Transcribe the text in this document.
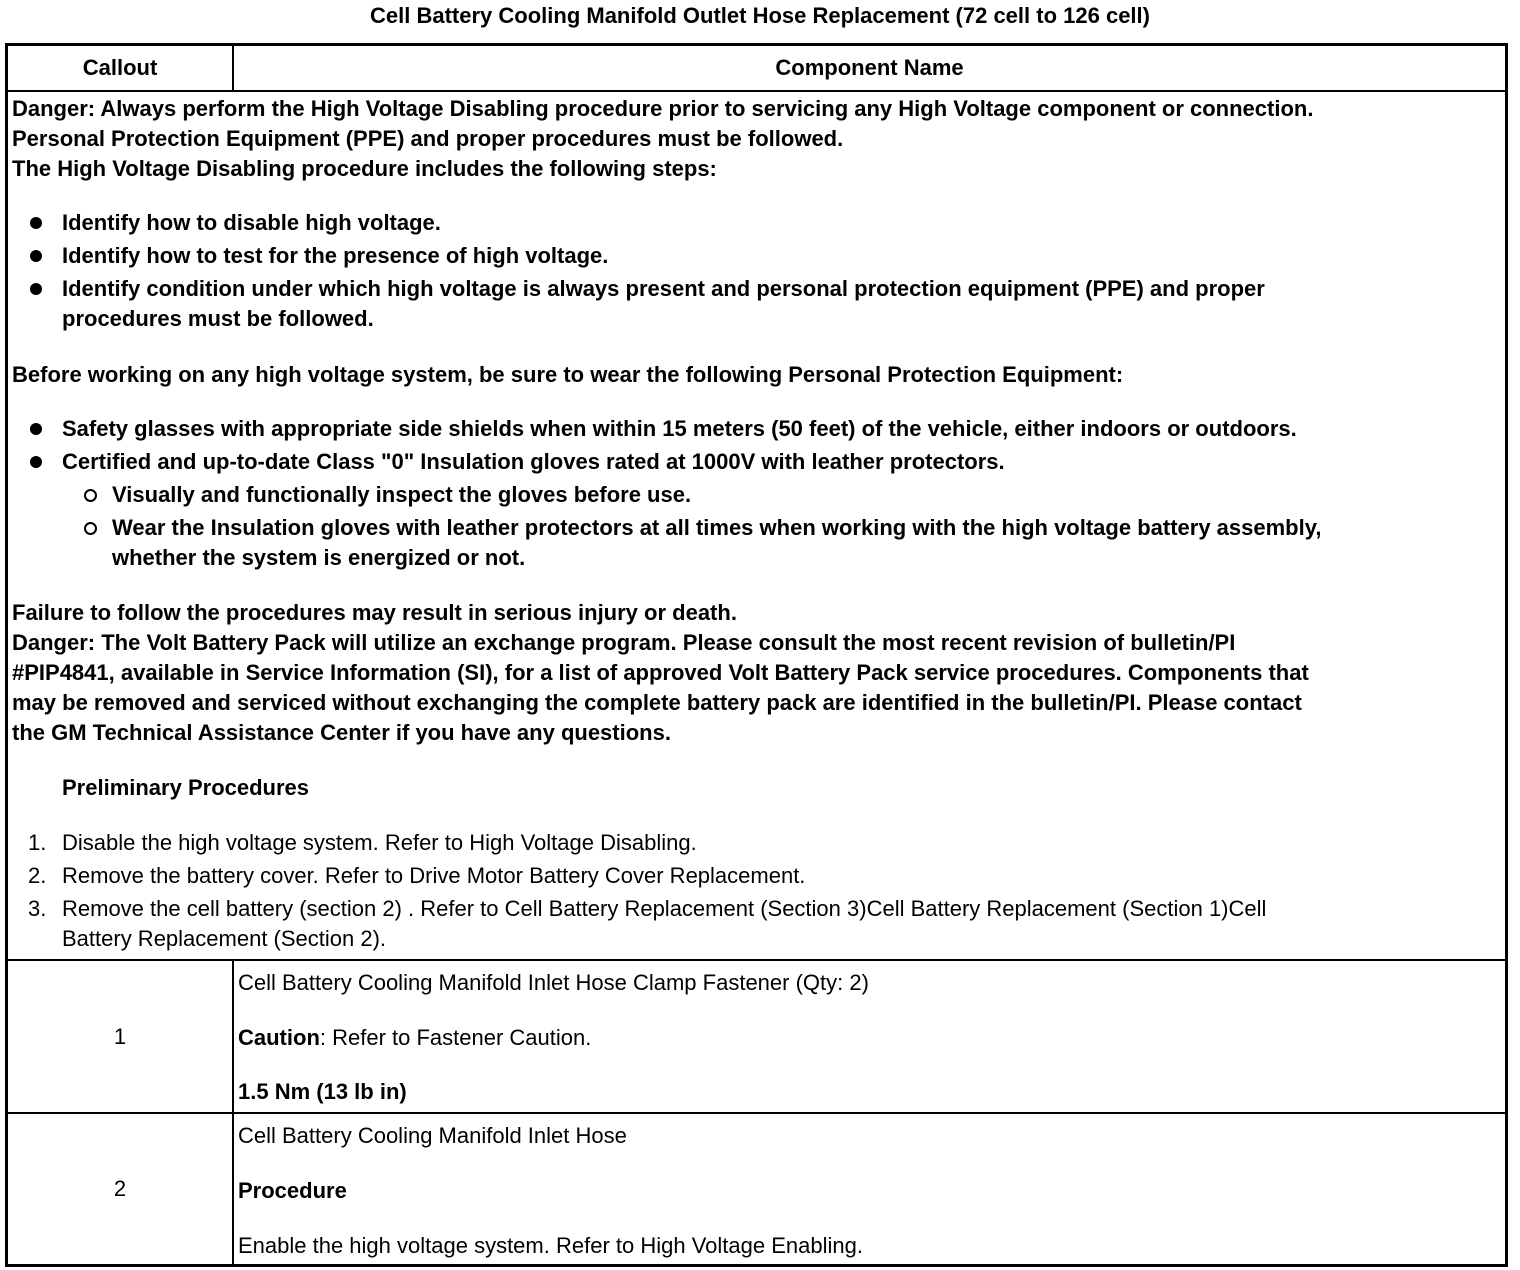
Cell Battery Cooling Manifold Outlet Hose Replacement (72 cell to 126 cell)
Callout	Component Name
Danger: Always perform the High Voltage Disabling procedure prior to servicing any High Voltage component or connection.
Personal Protection Equipment (PPE) and proper procedures must be followed.
The High Voltage Disabling procedure includes the following steps:
Identify how to disable high voltage.
Identify how to test for the presence of high voltage.
Identify condition under which high voltage is always present and personal protection equipment (PPE) and proper
procedures must be followed.
Before working on any high voltage system, be sure to wear the following Personal Protection Equipment:
Safety glasses with appropriate side shields when within 15 meters (50 feet) of the vehicle, either indoors or outdoors.
Certified and up-to-date Class "0" Insulation gloves rated at 1000V with leather protectors.
Visually and functionally inspect the gloves before use.
Wear the Insulation gloves with leather protectors at all times when working with the high voltage battery assembly,
whether the system is energized or not.
Failure to follow the procedures may result in serious injury or death.
Danger: The Volt Battery Pack will utilize an exchange program. Please consult the most recent revision of bulletin/PI
#PIP4841, available in Service Information (SI), for a list of approved Volt Battery Pack service procedures. Components that
may be removed and serviced without exchanging the complete battery pack are identified in the bulletin/PI. Please contact
the GM Technical Assistance Center if you have any questions.
Preliminary Procedures
1. Disable the high voltage system. Refer to High Voltage Disabling.
2. Remove the battery cover. Refer to Drive Motor Battery Cover Replacement.
3. Remove the cell battery (section 2) . Refer to Cell Battery Replacement (Section 3)Cell Battery Replacement (Section 1)Cell
Battery Replacement (Section 2).
1
Cell Battery Cooling Manifold Inlet Hose Clamp Fastener (Qty: 2)
Caution: Refer to Fastener Caution.
1.5 Nm (13 lb in)
2
Cell Battery Cooling Manifold Inlet Hose
Procedure
Enable the high voltage system. Refer to High Voltage Enabling.
